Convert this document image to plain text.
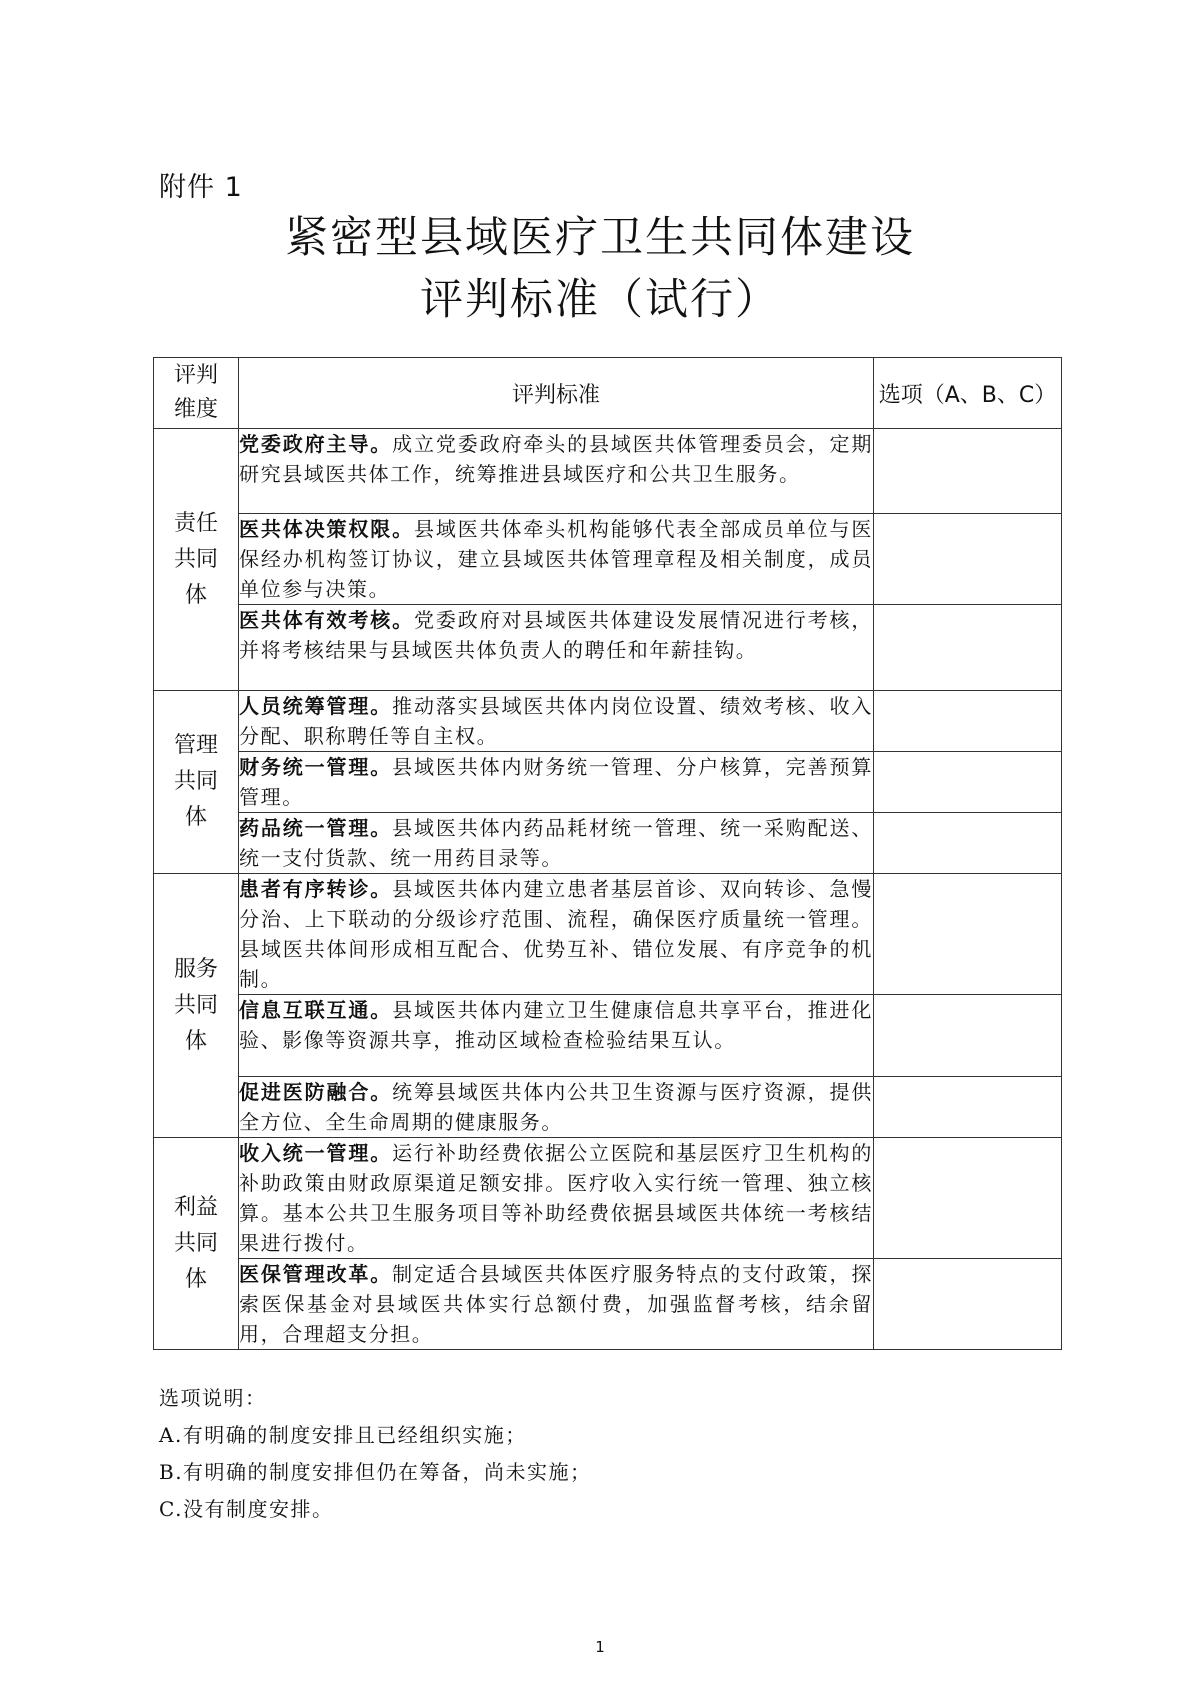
附件 1
紧密型县域医疗卫生共同体建设
评判标准（试行）
评判
维度	评判标准	选项（A、B、C）
责任
共同
体	党委政府主导。成立党委政府牵头的县域医共体管理委员会，定期研究县域医共体工作，统筹推进县域医疗和公共卫生服务。	
	医共体决策权限。县域医共体牵头机构能够代表全部成员单位与医保经办机构签订协议，建立县域医共体管理章程及相关制度，成员单位参与决策。	
	医共体有效考核。党委政府对县域医共体建设发展情况进行考核，并将考核结果与县域医共体负责人的聘任和年薪挂钩。	
管理
共同
体	人员统筹管理。推动落实县域医共体内岗位设置、绩效考核、收入分配、职称聘任等自主权。	
	财务统一管理。县域医共体内财务统一管理、分户核算，完善预算管理。	
	药品统一管理。县域医共体内药品耗材统一管理、统一采购配送、统一支付货款、统一用药目录等。	
服务
共同
体	患者有序转诊。县域医共体内建立患者基层首诊、双向转诊、急慢分治、上下联动的分级诊疗范围、流程，确保医疗质量统一管理。县域医共体间形成相互配合、优势互补、错位发展、有序竞争的机制。	
	信息互联互通。县域医共体内建立卫生健康信息共享平台，推进化验、影像等资源共享，推动区域检查检验结果互认。	
	促进医防融合。统筹县域医共体内公共卫生资源与医疗资源，提供全方位、全生命周期的健康服务。	
利益
共同
体	收入统一管理。运行补助经费依据公立医院和基层医疗卫生机构的补助政策由财政原渠道足额安排。医疗收入实行统一管理、独立核算。基本公共卫生服务项目等补助经费依据县域医共体统一考核结果进行拨付。	
	医保管理改革。制定适合县域医共体医疗服务特点的支付政策，探索医保基金对县域医共体实行总额付费，加强监督考核，结余留用，合理超支分担。	
选项说明：
A.有明确的制度安排且已经组织实施；
B.有明确的制度安排但仍在筹备，尚未实施；
C.没有制度安排。
1
